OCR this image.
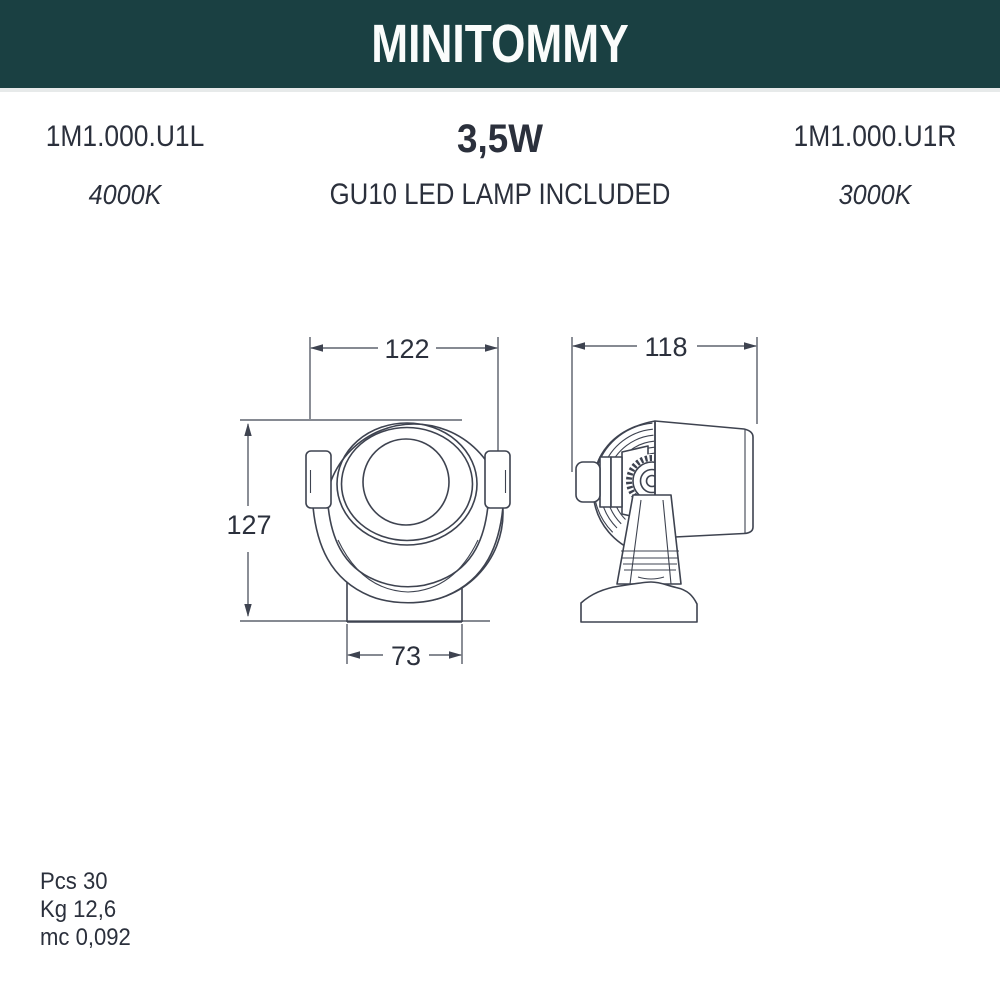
MINITOMMY
1M1.000.U1L
4000K
3,5W
GU10 LED LAMP INCLUDED
1M1.000.U1R
3000K
122
127
73
118
Pcs 30
Kg 12,6
mc 0,092
